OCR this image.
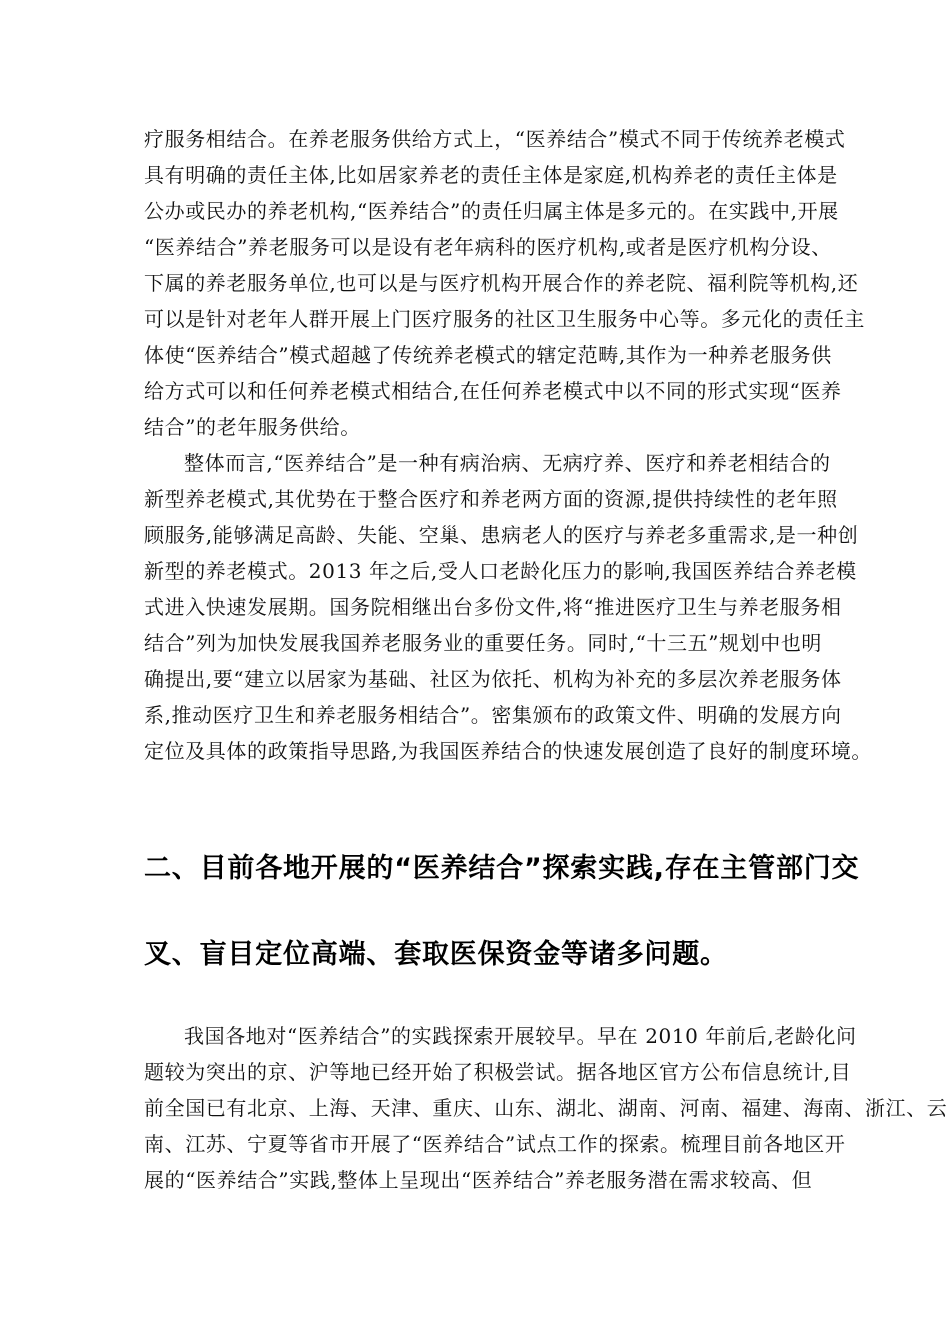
疗服务相结合。在养老服务供给方式上，“医养结合”模式不同于传统养老模式
具有明确的责任主体,比如居家养老的责任主体是家庭,机构养老的责任主体是
公办或民办的养老机构,“医养结合”的责任归属主体是多元的。在实践中,开展
“医养结合”养老服务可以是设有老年病科的医疗机构,或者是医疗机构分设、
下属的养老服务单位,也可以是与医疗机构开展合作的养老院、福利院等机构,还
可以是针对老年人群开展上门医疗服务的社区卫生服务中心等。多元化的责任主
体使“医养结合”模式超越了传统养老模式的辖定范畴,其作为一种养老服务供
给方式可以和任何养老模式相结合,在任何养老模式中以不同的形式实现“医养
结合”的老年服务供给。
整体而言,“医养结合”是一种有病治病、无病疗养、医疗和养老相结合的
新型养老模式,其优势在于整合医疗和养老两方面的资源,提供持续性的老年照
顾服务,能够满足高龄、失能、空巢、患病老人的医疗与养老多重需求,是一种创
新型的养老模式。2013 年之后,受人口老龄化压力的影响,我国医养结合养老模
式进入快速发展期。国务院相继出台多份文件,将“推进医疗卫生与养老服务相
结合”列为加快发展我国养老服务业的重要任务。同时,“十三五”规划中也明
确提出,要“建立以居家为基础、社区为依托、机构为补充的多层次养老服务体
系,推动医疗卫生和养老服务相结合”。密集颁布的政策文件、明确的发展方向
定位及具体的政策指导思路,为我国医养结合的快速发展创造了良好的制度环境。
二、目前各地开展的“医养结合”探索实践,存在主管部门交
叉、盲目定位高端、套取医保资金等诸多问题。
我国各地对“医养结合”的实践探索开展较早。早在 2010 年前后,老龄化问
题较为突出的京、沪等地已经开始了积极尝试。据各地区官方公布信息统计,目
前全国已有北京、上海、天津、重庆、山东、湖北、湖南、河南、福建、海南、浙江、云
南、江苏、宁夏等省市开展了“医养结合”试点工作的探索。梳理目前各地区开
展的“医养结合”实践,整体上呈现出“医养结合”养老服务潜在需求较高、但
